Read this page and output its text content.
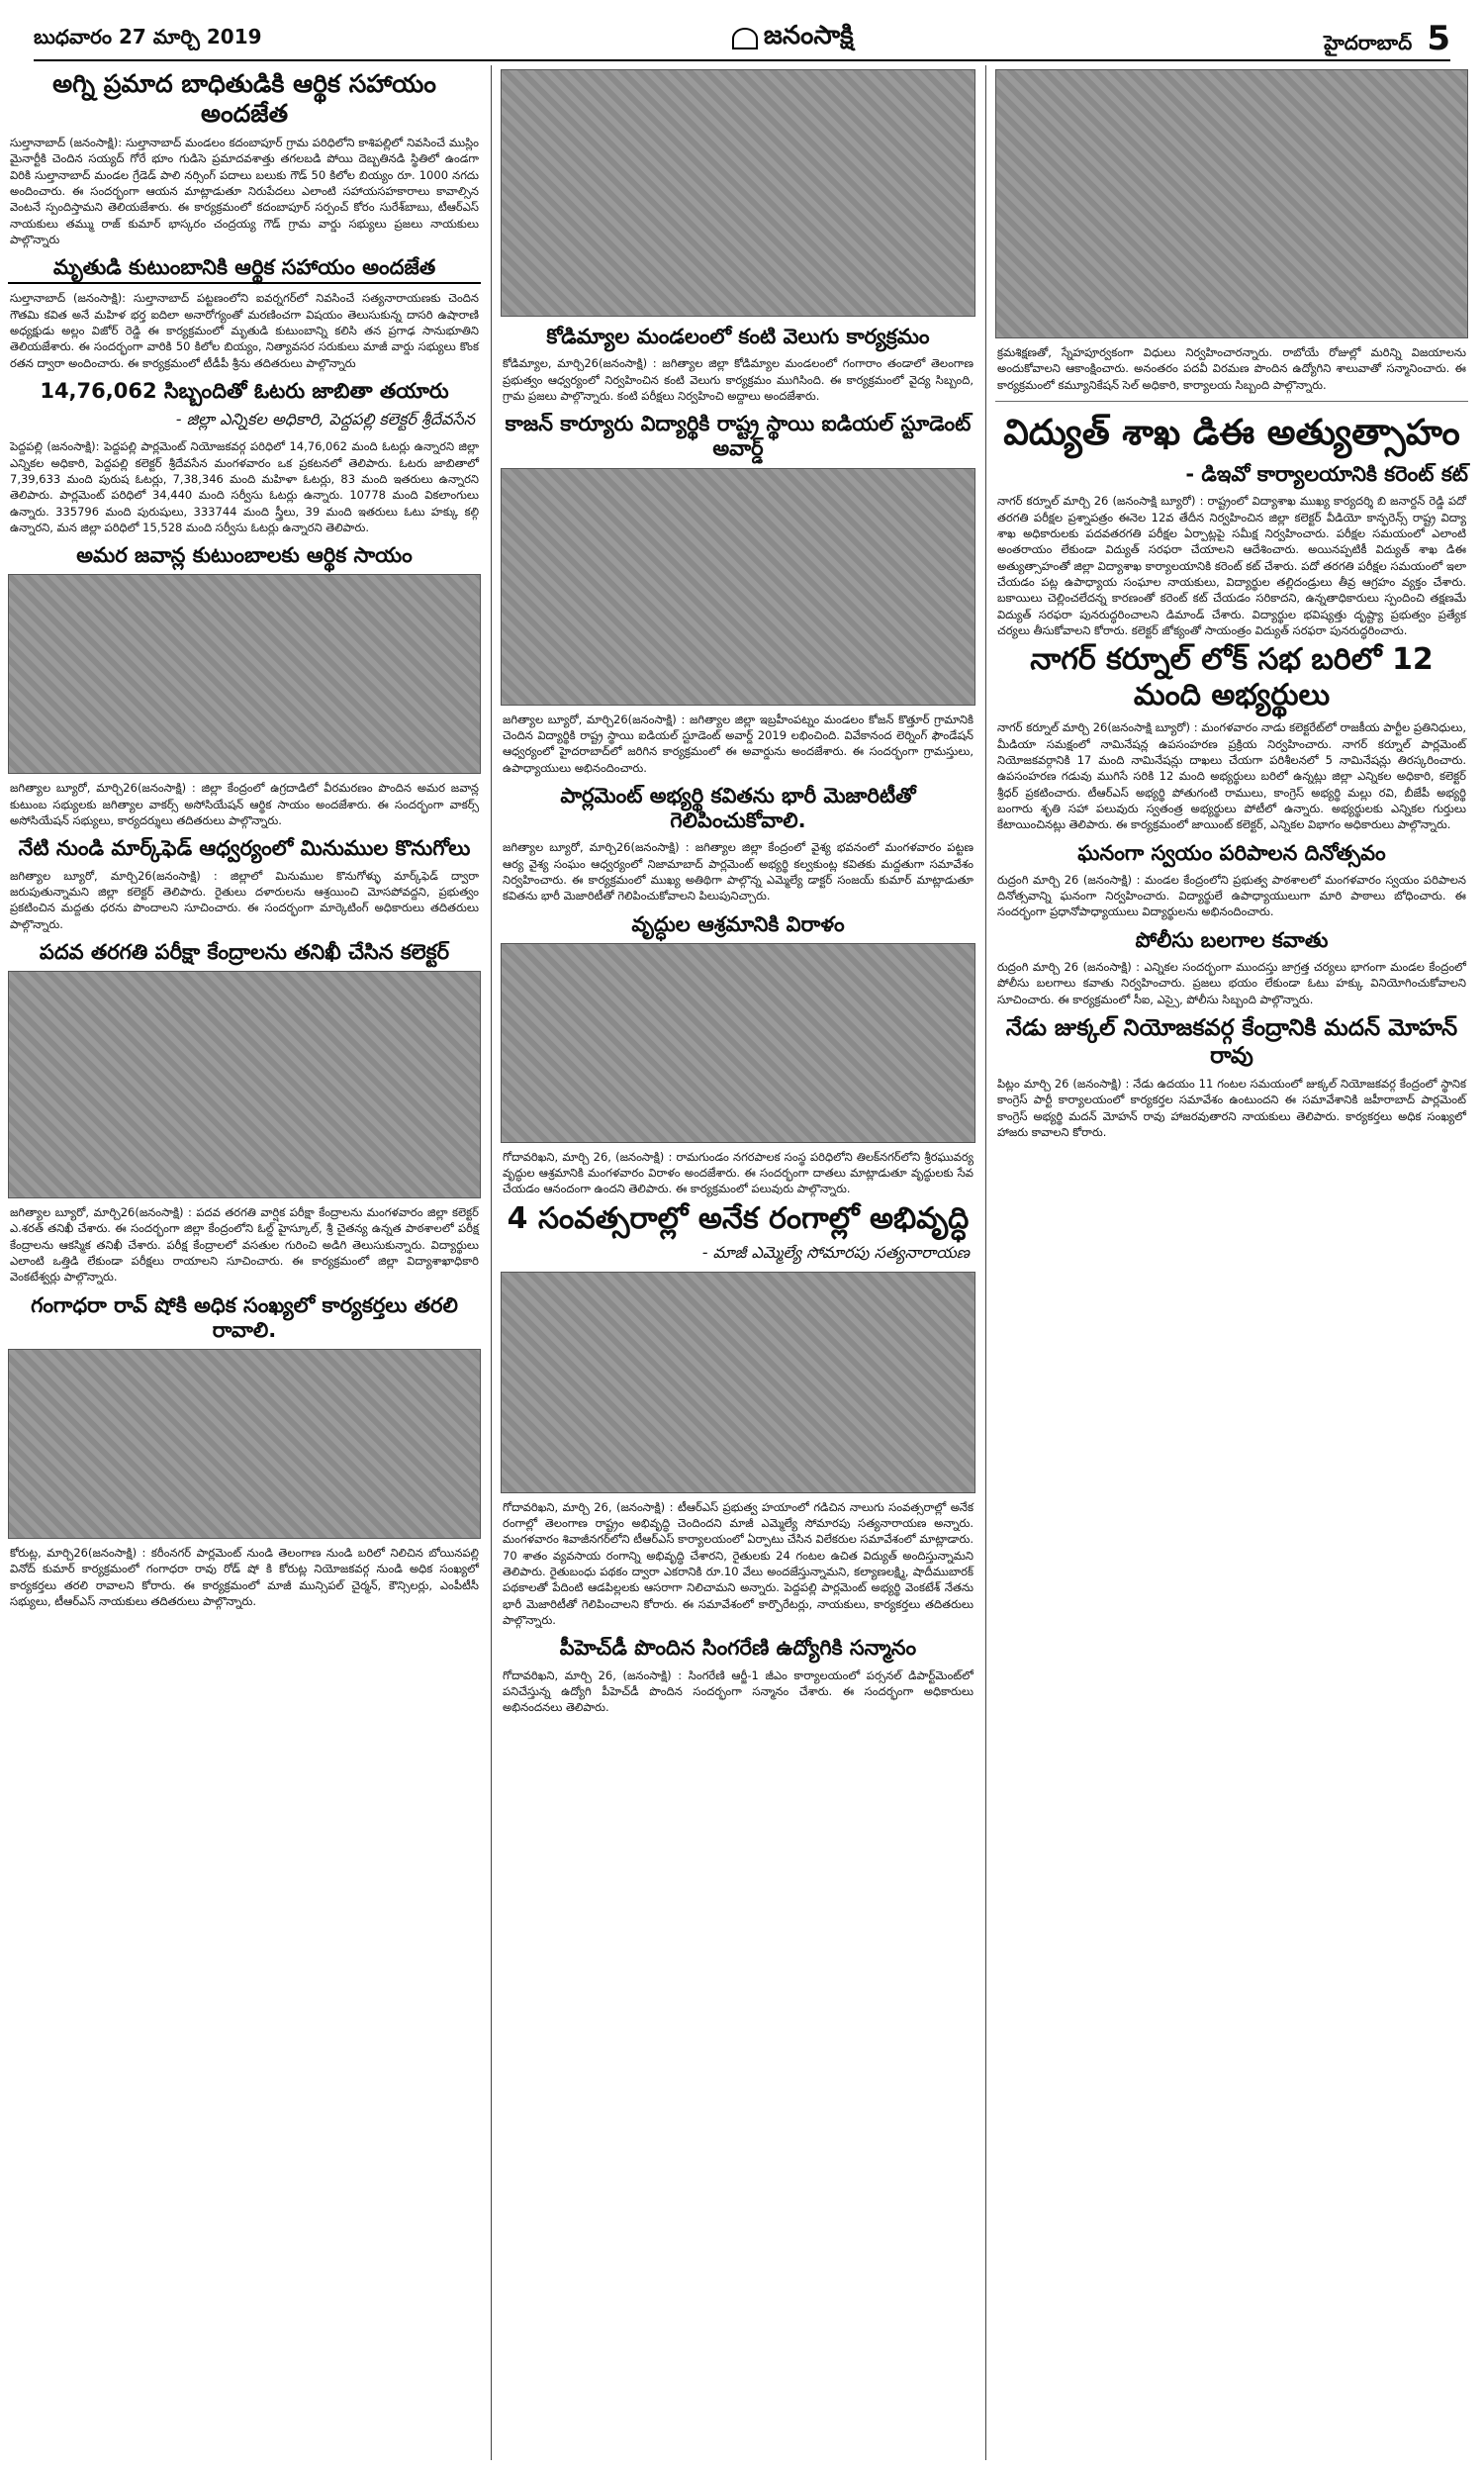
బుధవారం 27 మార్చి 2019	జనంసాక్షి	హైదరాబాద్ 5
అగ్ని ప్రమాద బాధితుడికి ఆర్థిక సహాయం అందజేత
సుల్తానాబాద్ (జనంసాక్షి): సుల్తానాబాద్ మండలం కదంబాపూర్ గ్రామ పరిధిలోని కాశిపల్లిలో నివసించే ముస్లిం మైనార్టీకి చెందిన సయ్యద్ గోరే భూం గుడిసె ప్రమాదవశాత్తు తగలబడి పోయి దెబ్బతినడి స్థితిలో ఉండగా విరికి సుల్తానాబాద్ మండల గ్రేడెడ్ పాలి నర్సింగ్ పదాలు బలుకు గౌడ్ 50 కిలోల బియ్యం రూ. 1000 నగదు అందించారు. ఈ సందర్భంగా ఆయన మాట్లాడుతూ నిరుపేదలు ఎలాంటి సహాయసహకారాలు కావాల్సిన వెంటనే స్పందిస్తామని తెలియజేశారు. ఈ కార్యక్రమంలో కదంబాపూర్ సర్పంచ్ కోరం సురేశ్‌బాబు, టీఆర్ఎస్ నాయకులు తమ్ము రాజ్ కుమార్ భాస్కరం చంద్రయ్య గౌడ్ గ్రామ వార్డు సభ్యులు ప్రజలు నాయకులు పాల్గొన్నారు
మృతుడి కుటుంబానికి ఆర్థిక సహాయం అందజేత
సుల్తానాబాద్ (జనంసాక్షి): సుల్తానాబాద్ పట్టణంలోని ఐవర్నగర్‌లో నివసించే సత్యనారాయణకు చెందిన గౌతమి కవిత అనే మహిళ భర్త ఐదిలా అనారోగ్యంతో మరణించగా విషయం తెలుసుకున్న దాసరి ఉషారాణి అధ్యక్షుడు అల్లం విజోర్ రెడ్డి ఈ కార్యక్రమంలో మృతుడి కుటుంబాన్ని కలిసి తన ప్రగాఢ సానుభూతిని తెలియజేశారు. ఈ సందర్భంగా వారికి 50 కిలోల బియ్యం, నిత్యావసర సరుకులు మాజీ వార్డు సభ్యులు కొంక రతన ద్వారా అందించారు. ఈ కార్యక్రమంలో టీడీపీ శ్రీను తదితరులు పాల్గొన్నారు
14,76,062 సిబ్బందితో ఓటరు జాబితా తయారు
- జిల్లా ఎన్నికల అధికారి, పెద్దపల్లి కలెక్టర్ శ్రీదేవసేన
పెద్దపల్లి (జనంసాక్షి): పెద్దపల్లి పార్లమెంట్ నియోజకవర్గ పరిధిలో 14,76,062 మంది ఓటర్లు ఉన్నారని జిల్లా ఎన్నికల అధికారి, పెద్దపల్లి కలెక్టర్ శ్రీదేవసేన మంగళవారం ఒక ప్రకటనలో తెలిపారు. ఓటరు జాబితాలో 7,39,633 మంది పురుష ఓటర్లు, 7,38,346 మంది మహిళా ఓటర్లు, 83 మంది ఇతరులు ఉన్నారని తెలిపారు. పార్లమెంట్ పరిధిలో 34,440 మంది సర్వీసు ఓటర్లు ఉన్నారు. 10778 మంది వికలాంగులు ఉన్నారు. 335796 మంది పురుషులు, 333744 మంది స్త్రీలు, 39 మంది ఇతరులు ఓటు హక్కు కల్గి ఉన్నారని, మన జిల్లా పరిధిలో 15,528 మంది సర్వీసు ఓటర్లు ఉన్నారని తెలిపారు.
అమర జవాన్ల కుటుంబాలకు ఆర్థిక సాయం
జగిత్యాల బ్యూరో, మార్చి26(జనంసాక్షి) : జిల్లా కేంద్రంలో ఉగ్రదాడిలో వీరమరణం పొందిన అమర జవాన్ల కుటుంబ సభ్యులకు జగిత్యాల వాకర్స్ అసోసియేషన్ ఆర్థిక సాయం అందజేశారు. ఈ సందర్భంగా వాకర్స్ అసోసియేషన్ సభ్యులు, కార్యదర్శులు తదితరులు పాల్గొన్నారు.
నేటి నుండి మార్క్‌ఫెడ్ ఆధ్వర్యంలో మినుముల కొనుగోలు
జగిత్యాల బ్యూరో, మార్చి26(జనంసాక్షి) : జిల్లాలో మినుముల కొనుగోళ్ళు మార్క్‌ఫెడ్ ద్వారా జరుపుతున్నామని జిల్లా కలెక్టర్ తెలిపారు. రైతులు దళారులను ఆశ్రయించి మోసపోవద్దని, ప్రభుత్వం ప్రకటించిన మద్దతు ధరను పొందాలని సూచించారు. ఈ సందర్భంగా మార్కెటింగ్ అధికారులు తదితరులు పాల్గొన్నారు.
పదవ తరగతి పరీక్షా కేంద్రాలను తనిఖీ చేసిన కలెక్టర్
జగిత్యాల బ్యూరో, మార్చి26(జనంసాక్షి) : పదవ తరగతి వార్షిక పరీక్షా కేంద్రాలను మంగళవారం జిల్లా కలెక్టర్ ఎ.శరత్ తనిఖీ చేశారు. ఈ సందర్భంగా జిల్లా కేంద్రంలోని ఓల్డ్ హైస్కూల్, శ్రీ చైతన్య ఉన్నత పాఠశాలలో పరీక్ష కేంద్రాలను ఆకస్మిక తనిఖీ చేశారు. పరీక్ష కేంద్రాలలో వసతుల గురించి అడిగి తెలుసుకున్నారు. విద్యార్థులు ఎలాంటి ఒత్తిడి లేకుండా పరీక్షలు రాయాలని సూచించారు. ఈ కార్యక్రమంలో జిల్లా విద్యాశాఖాధికారి వెంకటేశ్వర్లు పాల్గొన్నారు.
గంగాధరా రావ్ షోకి అధిక సంఖ్యలో కార్యకర్తలు తరలి రావాలి.
కోరుట్ల, మార్చి26(జనంసాక్షి) : కరీంనగర్ పార్లమెంట్ నుండి తెలంగాణ నుండి బరిలో నిలిచిన బోయినపల్లి వినోద్ కుమార్ కార్యక్రమంలో గంగాధరా రావు రోడ్ షో కి కోరుట్ల నియోజకవర్గ నుండి అధిక సంఖ్యలో కార్యకర్తలు తరలి రావాలని కోరారు. ఈ కార్యక్రమంలో మాజీ మున్సిపల్ చైర్మన్, కౌన్సిలర్లు, ఎంపీటీసీ సభ్యులు, టీఆర్ఎస్ నాయకులు తదితరులు పాల్గొన్నారు.
కోడిమ్యాల మండలంలో కంటి వెలుగు కార్యక్రమం
కోడిమ్యాల, మార్చి26(జనంసాక్షి) : జగిత్యాల జిల్లా కోడిమ్యాల మండలంలో గంగారాం తండాలో తెలంగాణ ప్రభుత్వం ఆధ్వర్యంలో నిర్వహించిన కంటి వెలుగు కార్యక్రమం ముగిసింది. ఈ కార్యక్రమంలో వైద్య సిబ్బంది, గ్రామ ప్రజలు పాల్గొన్నారు. కంటి పరీక్షలు నిర్వహించి అద్దాలు అందజేశారు.
కాజన్ కార్యూరు విద్యార్థికి రాష్ట్ర స్థాయి ఐడియల్ స్టూడెంట్ అవార్డ్
జగిత్యాల బ్యూరో, మార్చి26(జనంసాక్షి) : జగిత్యాల జిల్లా ఇబ్రహీంపట్నం మండలం కోజన్ కొత్తూర్ గ్రామానికి చెందిన విద్యార్థికి రాష్ట్ర స్థాయి ఐడియల్ స్టూడెంట్ అవార్డ్ 2019 లభించింది. వివేకానంద లెర్నింగ్ ఫౌండేషన్ ఆధ్వర్యంలో హైదరాబాద్‌లో జరిగిన కార్యక్రమంలో ఈ అవార్డును అందజేశారు. ఈ సందర్భంగా గ్రామస్తులు, ఉపాధ్యాయులు అభినందించారు.
పార్లమెంట్ అభ్యర్థి కవితను భారీ మెజారిటీతో గెలిపించుకోవాలి.
జగిత్యాల బ్యూరో, మార్చి26(జనంసాక్షి) : జగిత్యాల జిల్లా కేంద్రంలో వైశ్య భవనంలో మంగళవారం పట్టణ ఆర్య వైశ్య సంఘం ఆధ్వర్యంలో నిజామాబాద్ పార్లమెంట్ అభ్యర్థి కల్వకుంట్ల కవితకు మద్దతుగా సమావేశం నిర్వహించారు. ఈ కార్యక్రమంలో ముఖ్య అతిథిగా పాల్గొన్న ఎమ్మెల్యే డాక్టర్ సంజయ్ కుమార్ మాట్లాడుతూ కవితను భారీ మెజారిటీతో గెలిపించుకోవాలని పిలుపునిచ్చారు.
వృద్ధుల ఆశ్రమానికి విరాళం
గోదావరిఖని, మార్చి 26, (జనంసాక్షి) : రామగుండం నగరపాలక సంస్థ పరిధిలోని తిలక్‌నగర్‌లోని శ్రీరఘువర్య వృద్ధుల ఆశ్రమానికి మంగళవారం విరాళం అందజేశారు. ఈ సందర్భంగా దాతలు మాట్లాడుతూ వృద్ధులకు సేవ చేయడం ఆనందంగా ఉందని తెలిపారు. ఈ కార్యక్రమంలో పలువురు పాల్గొన్నారు.
4 సంవత్సరాల్లో అనేక రంగాల్లో అభివృద్ధి
- మాజీ ఎమ్మెల్యే సోమారపు సత్యనారాయణ
గోదావరిఖని, మార్చి 26, (జనంసాక్షి) : టీఆర్ఎస్ ప్రభుత్వ హయాంలో గడిచిన నాలుగు సంవత్సరాల్లో అనేక రంగాల్లో తెలంగాణ రాష్ట్రం అభివృద్ధి చెందిందని మాజీ ఎమ్మెల్యే సోమారపు సత్యనారాయణ అన్నారు. మంగళవారం శివాజీనగర్‌లోని టీఆర్ఎస్ కార్యాలయంలో ఏర్పాటు చేసిన విలేకరుల సమావేశంలో మాట్లాడారు. 70 శాతం వ్యవసాయ రంగాన్ని అభివృద్ధి చేశారని, రైతులకు 24 గంటల ఉచిత విద్యుత్ అందిస్తున్నామని తెలిపారు. రైతుబంధు పథకం ద్వారా ఎకరానికి రూ.10 వేలు అందజేస్తున్నామని, కల్యాణలక్ష్మి, షాదీముబారక్ పథకాలతో పేదింటి ఆడపిల్లలకు ఆసరాగా నిలిచామని అన్నారు. పెద్దపల్లి పార్లమెంట్ అభ్యర్థి వెంకటేశ్ నేతను భారీ మెజారిటీతో గెలిపించాలని కోరారు. ఈ సమావేశంలో కార్పొరేటర్లు, నాయకులు, కార్యకర్తలు తదితరులు పాల్గొన్నారు.
పీహెచ్‌డీ పొందిన సింగరేణి ఉద్యోగికి సన్మానం
గోదావరిఖని, మార్చి 26, (జనంసాక్షి) : సింగరేణి ఆర్జీ-1 జీఎం కార్యాలయంలో పర్సనల్ డిపార్ట్‌మెంట్‌లో పనిచేస్తున్న ఉద్యోగి పీహెచ్‌డీ పొందిన సందర్భంగా సన్మానం చేశారు. ఈ సందర్భంగా అధికారులు అభినందనలు తెలిపారు.
క్రమశిక్షణతో, స్నేహపూర్వకంగా విధులు నిర్వహించారన్నారు. రాబోయే రోజుల్లో మరిన్ని విజయాలను అందుకోవాలని ఆకాంక్షించారు. అనంతరం పదవీ విరమణ పొందిన ఉద్యోగిని శాలువాతో సన్మానించారు. ఈ కార్యక్రమంలో కమ్యూనికేషన్ సెల్ అధికారి, కార్యాలయ సిబ్బంది పాల్గొన్నారు.
విద్యుత్ శాఖ డిఈ అత్యుత్సాహం
- డిఇవో కార్యాలయానికి కరెంట్ కట్
నాగర్ కర్నూల్ మార్చి 26 (జనంసాక్షి బ్యూరో) : రాష్ట్రంలో విద్యాశాఖ ముఖ్య కార్యదర్శి బి జనార్దన్ రెడ్డి పదో తరగతి పరీక్షల ప్రశ్నాపత్రం ఈనెల 12వ తేదీన నిర్వహించిన జిల్లా కలెక్టర్ వీడియో కాన్ఫరెన్స్ రాష్ట్ర విద్యా శాఖ అధికారులకు పదవతరగతి పరీక్షల ఏర్పాట్లపై సమీక్ష నిర్వహించారు. పరీక్షల సమయంలో ఎలాంటి అంతరాయం లేకుండా విద్యుత్ సరఫరా చేయాలని ఆదేశించారు. అయినప్పటికీ విద్యుత్ శాఖ డిఈ అత్యుత్సాహంతో జిల్లా విద్యాశాఖ కార్యాలయానికి కరెంట్ కట్ చేశారు. పదో తరగతి పరీక్షల సమయంలో ఇలా చేయడం పట్ల ఉపాధ్యాయ సంఘాల నాయకులు, విద్యార్థుల తల్లిదండ్రులు తీవ్ర ఆగ్రహం వ్యక్తం చేశారు. బకాయిలు చెల్లించలేదన్న కారణంతో కరెంట్ కట్ చేయడం సరికాదని, ఉన్నతాధికారులు స్పందించి తక్షణమే విద్యుత్ సరఫరా పునరుద్ధరించాలని డిమాండ్ చేశారు. విద్యార్థుల భవిష్యత్తు దృష్ట్యా ప్రభుత్వం ప్రత్యేక చర్యలు తీసుకోవాలని కోరారు. కలెక్టర్ జోక్యంతో సాయంత్రం విద్యుత్ సరఫరా పునరుద్ధరించారు.
నాగర్ కర్నూల్ లోక్ సభ బరిలో 12 మంది అభ్యర్థులు
నాగర్ కర్నూల్ మార్చి 26(జనంసాక్షి బ్యూరో) : మంగళవారం నాడు కలెక్టరేట్‌లో రాజకీయ పార్టీల ప్రతినిధులు, మీడియా సమక్షంలో నామినేషన్ల ఉపసంహరణ ప్రక్రియ నిర్వహించారు. నాగర్ కర్నూల్ పార్లమెంట్ నియోజకవర్గానికి 17 మంది నామినేషన్లు దాఖలు చేయగా పరిశీలనలో 5 నామినేషన్లు తిరస్కరించారు. ఉపసంహరణ గడువు ముగిసే సరికి 12 మంది అభ్యర్థులు బరిలో ఉన్నట్లు జిల్లా ఎన్నికల అధికారి, కలెక్టర్ శ్రీధర్ ప్రకటించారు. టీఆర్ఎస్ అభ్యర్థి పోతుగంటి రాములు, కాంగ్రెస్ అభ్యర్థి మల్లు రవి, బీజేపీ అభ్యర్థి బంగారు శృతి సహా పలువురు స్వతంత్ర అభ్యర్థులు పోటీలో ఉన్నారు. అభ్యర్థులకు ఎన్నికల గుర్తులు కేటాయించినట్లు తెలిపారు. ఈ కార్యక్రమంలో జాయింట్ కలెక్టర్, ఎన్నికల విభాగం అధికారులు పాల్గొన్నారు.
ఘనంగా స్వయం పరిపాలన దినోత్సవం
రుద్రంగి మార్చి 26 (జనంసాక్షి) : మండల కేంద్రంలోని ప్రభుత్వ పాఠశాలలో మంగళవారం స్వయం పరిపాలన దినోత్సవాన్ని ఘనంగా నిర్వహించారు. విద్యార్థులే ఉపాధ్యాయులుగా మారి పాఠాలు బోధించారు. ఈ సందర్భంగా ప్రధానోపాధ్యాయులు విద్యార్థులను అభినందించారు.
పోలీసు బలగాల కవాతు
రుద్రంగి మార్చి 26 (జనంసాక్షి) : ఎన్నికల సందర్భంగా ముందస్తు జాగ్రత్త చర్యలు భాగంగా మండల కేంద్రంలో పోలీసు బలగాలు కవాతు నిర్వహించారు. ప్రజలు భయం లేకుండా ఓటు హక్కు వినియోగించుకోవాలని సూచించారు. ఈ కార్యక్రమంలో సీఐ, ఎస్సై, పోలీసు సిబ్బంది పాల్గొన్నారు.
నేడు జుక్కల్ నియోజకవర్గ కేంద్రానికి మదన్ మోహన్ రావు
పిట్లం మార్చి 26 (జనంసాక్షి) : నేడు ఉదయం 11 గంటల సమయంలో జుక్కల్ నియోజకవర్గ కేంద్రంలో స్థానిక కాంగ్రెస్ పార్టీ కార్యాలయంలో కార్యకర్తల సమావేశం ఉంటుందని ఈ సమావేశానికి జహీరాబాద్ పార్లమెంట్ కాంగ్రెస్ అభ్యర్థి మదన్ మోహన్ రావు హాజరవుతారని నాయకులు తెలిపారు. కార్యకర్తలు అధిక సంఖ్యలో హాజరు కావాలని కోరారు.
